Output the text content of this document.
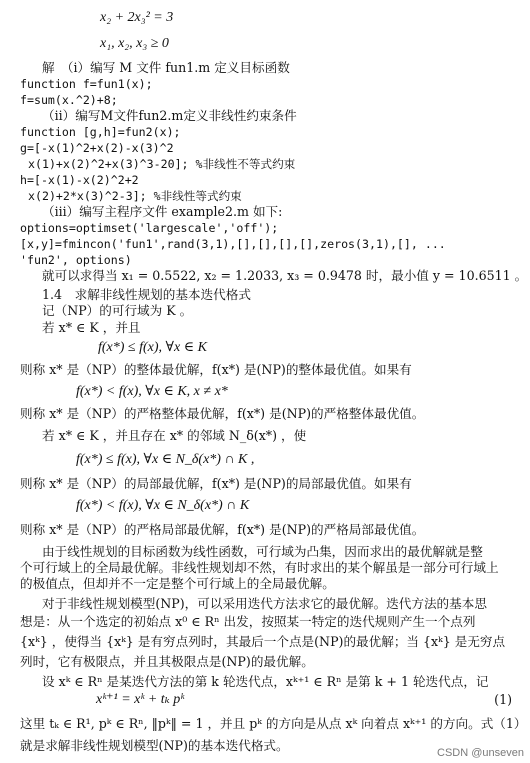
x₂ + 2x₃² = 3
x₁, x₂, x₃ ≥ 0
解　（i）编写 M 文件 fun1.m 定义目标函数
function f=fun1(x);
f=sum(x.^2)+8;
（ii）编写M文件fun2.m定义非线性约束条件
function [g,h]=fun2(x);
g=[-x(1)^2+x(2)-x(3)^2
x(1)+x(2)^2+x(3)^3-20]; %非线性不等式约束
h=[-x(1)-x(2)^2+2
x(2)+2*x(3)^2-3]; %非线性等式约束
（iii）编写主程序文件 example2.m 如下:
options=optimset('largescale','off');
[x,y]=fmincon('fun1',rand(3,1),[],[],[],[],zeros(3,1),[], ...
'fun2', options)
就可以求得当 x₁ = 0.5522, x₂ = 1.2033, x₃ = 0.9478 时，最小值 y = 10.6511 。
1.4　求解非线性规划的基本迭代格式
记（NP）的可行域为 K 。
若 x* ∈ K ，并且
f(x*) ≤ f(x), ∀x ∈ K
则称 x* 是（NP）的整体最优解，f(x*) 是(NP)的整体最优值。如果有
f(x*) < f(x), ∀x ∈ K, x ≠ x*
则称 x* 是（NP）的严格整体最优解，f(x*) 是(NP)的严格整体最优值。
若 x* ∈ K ，并且存在 x* 的邻域 N_δ(x*) ，使
f(x*) ≤ f(x), ∀x ∈ N_δ(x*) ∩ K ,
则称 x* 是（NP）的局部最优解，f(x*) 是(NP)的局部最优值。如果有
f(x*) < f(x), ∀x ∈ N_δ(x*) ∩ K
则称 x* 是（NP）的严格局部最优解，f(x*) 是(NP)的严格局部最优值。
由于线性规划的目标函数为线性函数，可行域为凸集，因而求出的最优解就是整
个可行域上的全局最优解。非线性规划却不然，有时求出的某个解虽是一部分可行域上
的极值点，但却并不一定是整个可行域上的全局最优解。
对于非线性规划模型(NP)，可以采用迭代方法求它的最优解。迭代方法的基本思
想是：从一个选定的初始点 x⁰ ∈ Rⁿ 出发，按照某一特定的迭代规则产生一个点列
{xᵏ} ，使得当 {xᵏ} 是有穷点列时，其最后一个点是(NP)的最优解；当 {xᵏ} 是无穷点
列时，它有极限点，并且其极限点是(NP)的最优解。
设 xᵏ ∈ Rⁿ 是某迭代方法的第 k 轮迭代点，xᵏ⁺¹ ∈ Rⁿ 是第 k + 1 轮迭代点，记
xᵏ⁺¹ = xᵏ + tₖ pᵏ
这里 tₖ ∈ R¹, pᵏ ∈ Rⁿ, ‖pᵏ‖ = 1 ，并且 pᵏ 的方向是从点 xᵏ 向着点 xᵏ⁺¹ 的方向。式（1）
就是求解非线性规划模型(NP)的基本迭代格式。
(1)
CSDN @unseven
